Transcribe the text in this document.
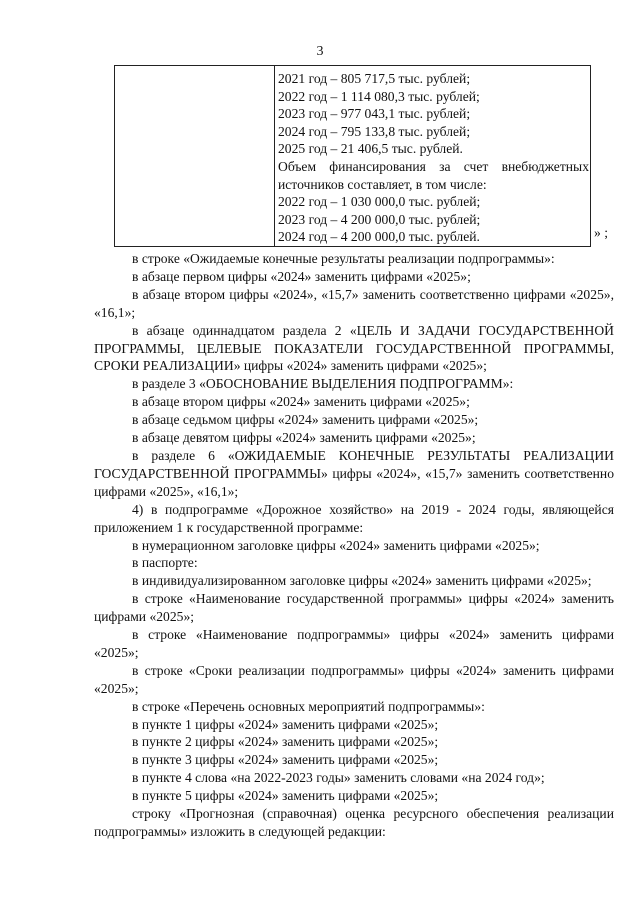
3
2021 год – 805 717,5 тыс. рублей;
2022 год – 1 114 080,3 тыс. рублей;
2023 год – 977 043,1 тыс. рублей;
2024 год – 795 133,8 тыс. рублей;
2025 год – 21 406,5 тыс. рублей.
Объем финансирования за счет внебюджетных источников составляет, в том числе:
2022 год – 1 030 000,0 тыс. рублей;
2023 год – 4 200 000,0 тыс. рублей;
2024 год – 4 200 000,0 тыс. рублей.	» ;

в строке «Ожидаемые конечные результаты реализации подпрограммы»:

в абзаце первом цифры «2024» заменить цифрами «2025»;

в абзаце втором цифры «2024», «15,7» заменить соответственно цифрами «2025», «16,1»;

в абзаце одиннадцатом раздела 2 «ЦЕЛЬ И ЗАДАЧИ ГОСУДАРСТВЕННОЙ ПРОГРАММЫ, ЦЕЛЕВЫЕ ПОКАЗАТЕЛИ ГОСУДАРСТВЕННОЙ ПРОГРАММЫ, СРОКИ РЕАЛИЗАЦИИ» цифры «2024» заменить цифрами «2025»;

в разделе 3 «ОБОСНОВАНИЕ ВЫДЕЛЕНИЯ ПОДПРОГРАММ»:

в абзаце втором цифры «2024» заменить цифрами «2025»;

в абзаце седьмом цифры «2024» заменить цифрами «2025»;

в абзаце девятом цифры «2024» заменить цифрами «2025»;

в разделе 6 «ОЖИДАЕМЫЕ КОНЕЧНЫЕ РЕЗУЛЬТАТЫ РЕАЛИЗАЦИИ ГОСУДАРСТВЕННОЙ ПРОГРАММЫ» цифры «2024», «15,7» заменить соответственно цифрами «2025», «16,1»;

4) в подпрограмме «Дорожное хозяйство» на 2019 - 2024 годы, являющейся приложением 1 к государственной программе:

в нумерационном заголовке цифры «2024» заменить цифрами «2025»;

в паспорте:

в индивидуализированном заголовке цифры «2024» заменить цифрами «2025»;

в строке «Наименование государственной программы» цифры «2024» заменить цифрами «2025»;

в строке «Наименование подпрограммы» цифры «2024» заменить цифрами «2025»;

в строке «Сроки реализации подпрограммы» цифры «2024» заменить цифрами «2025»;

в строке «Перечень основных мероприятий подпрограммы»:

в пункте 1 цифры «2024» заменить цифрами «2025»;

в пункте 2 цифры «2024» заменить цифрами «2025»;

в пункте 3 цифры «2024» заменить цифрами «2025»;

в пункте 4 слова «на 2022-2023 годы» заменить словами «на 2024 год»;

в пункте 5 цифры «2024» заменить цифрами «2025»;

строку «Прогнозная (справочная) оценка ресурсного обеспечения реализации подпрограммы» изложить в следующей редакции:
